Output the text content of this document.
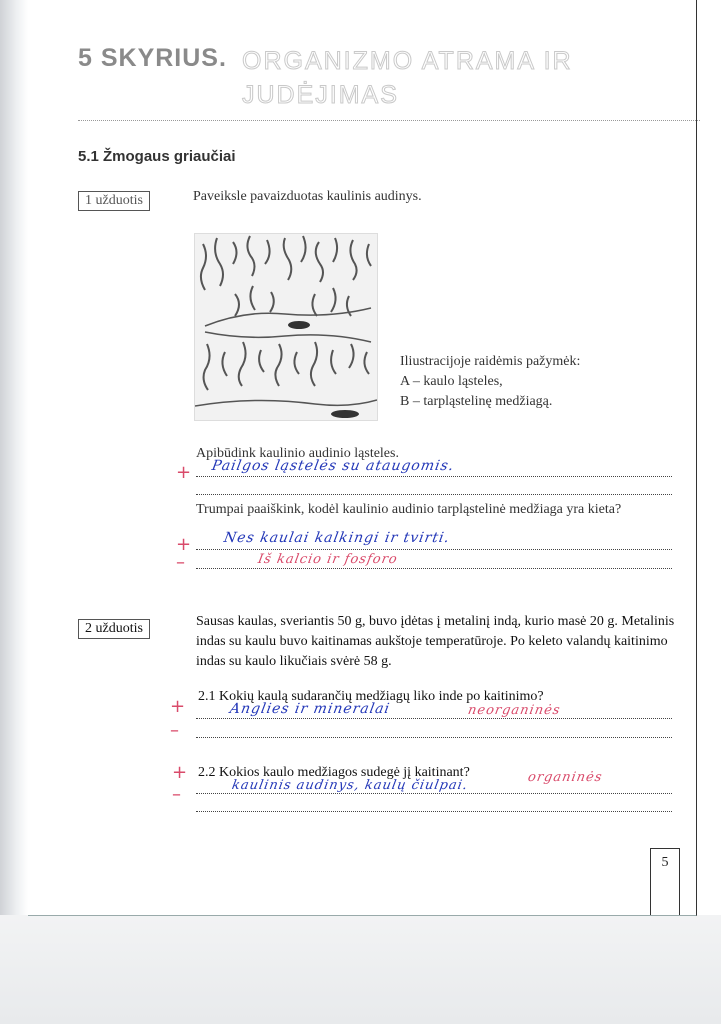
5 SKYRIUS. ORGANIZMO ATRAMA IR JUDĖJIMAS
5.1 Žmogaus griaučiai
1 užduotis	Paveikslе pavaizduotas kaulinis audinys.
Iliustracijoje raidėmis pažymėk:
A – kaulo ląsteles,
B – tarpląstelinę medžiagą.
Apibūdink kaulinio audinio ląsteles.
Pailgos ląstelės su ataugomis.
+
Trumpai paaiškink, kodėl kaulinio audinio tarpląstelinė medžiaga yra kieta?
+
–
Nes kaulai kalkingi ir tvirti.
Iš kalcio ir fosforo
2 užduotis	Sausas kaulas, sveriantis 50 g, buvo įdėtas į metalinį indą, kurio masė 20 g. Metalinis indas su kaulu buvo kaitinamas aukštoje temperatūroje. Po keleto valandų kaitinimo indas su kaulo likučiais svėrė 58 g.
2.1 Kokių kaulą sudarančių medžiagų liko inde po kaitinimo?
+
–
Anglies ir mineralai	neorganinės
2.2 Kokios kaulo medžiagos sudegė jį kaitinant?
+
–	kaulinis audinys, kaulų čiulpai.
organinės
5
